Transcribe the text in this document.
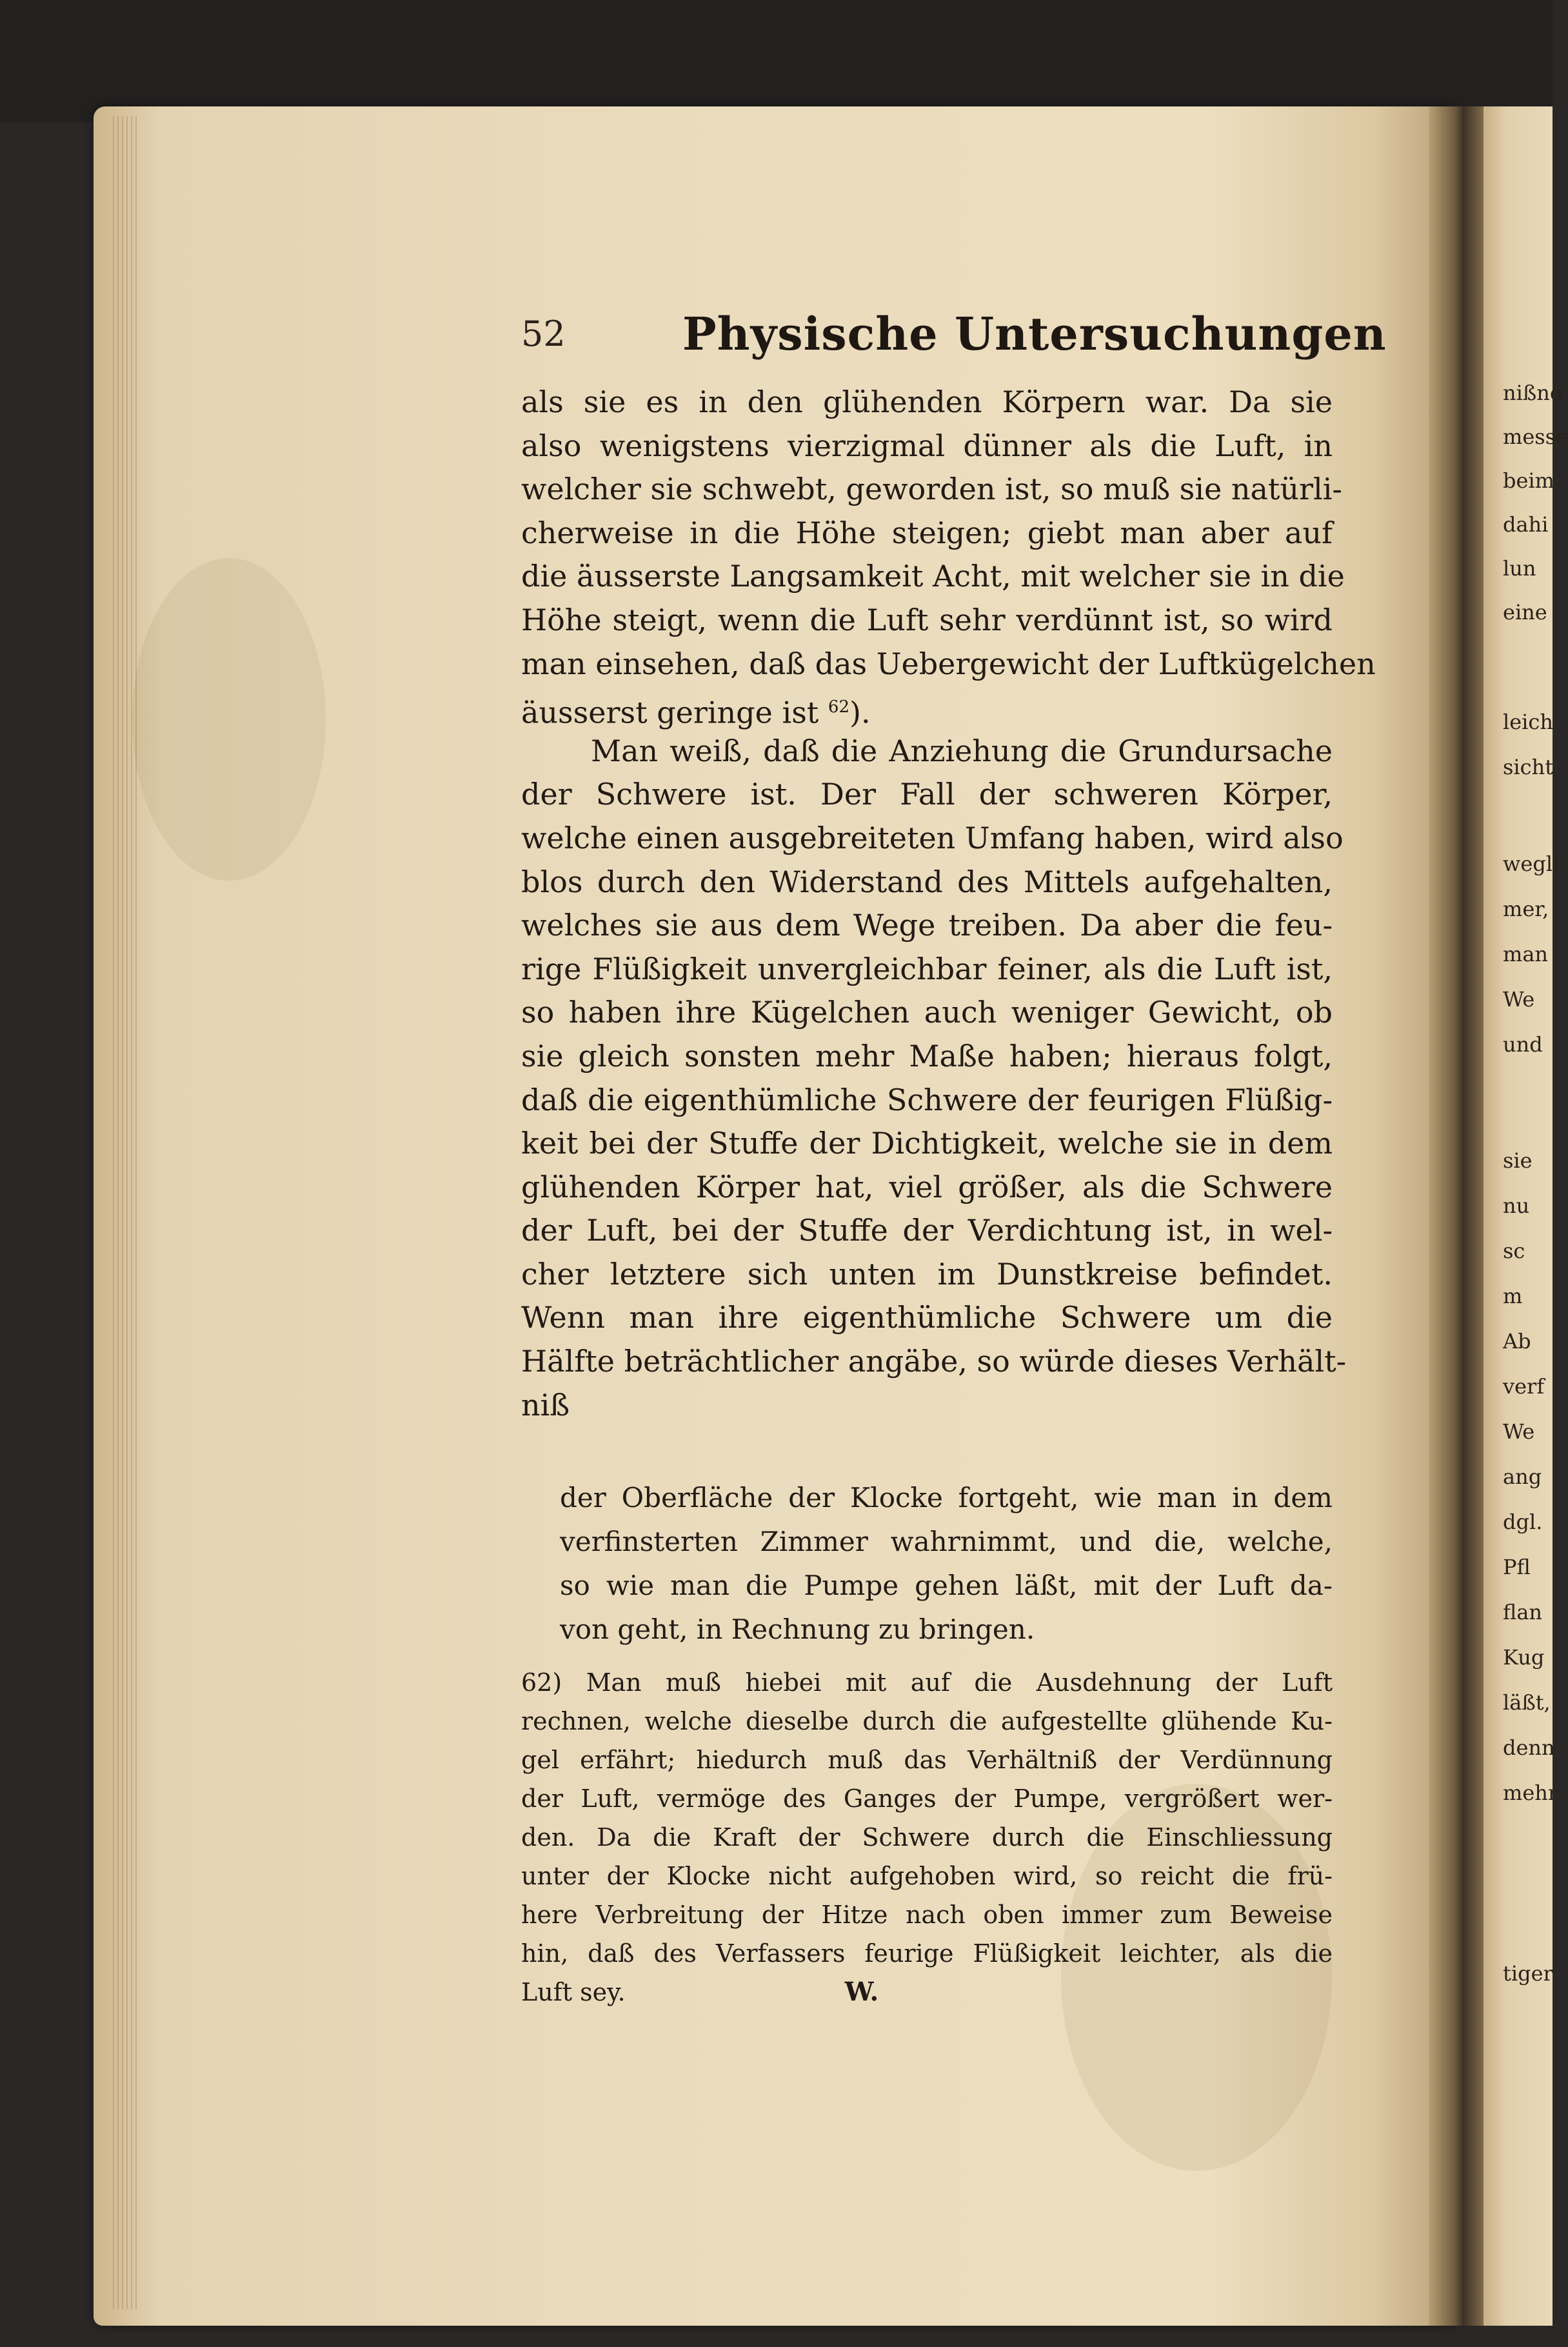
52	Physische Untersuchungen
als sie es in den glühenden Körpern war. Da sie
also wenigstens vierzigmal dünner als die Luft, in
welcher sie schwebt, geworden ist, so muß sie natürli-
cherweise in die Höhe steigen; giebt man aber auf
die äusserste Langsamkeit Acht, mit welcher sie in die
Höhe steigt, wenn die Luft sehr verdünnt ist, so wird
man einsehen, daß das Uebergewicht der Luftkügelchen
äusserst geringe ist $^{62}$).
Man weiß, daß die Anziehung die Grundursache
der Schwere ist. Der Fall der schweren Körper,
welche einen ausgebreiteten Umfang haben, wird also
blos durch den Widerstand des Mittels aufgehalten,
welches sie aus dem Wege treiben. Da aber die feu-
rige Flüßigkeit unvergleichbar feiner, als die Luft ist,
so haben ihre Kügelchen auch weniger Gewicht, ob
sie gleich sonsten mehr Maße haben; hieraus folgt,
daß die eigenthümliche Schwere der feurigen Flüßig-
keit bei der Stuffe der Dichtigkeit, welche sie in dem
glühenden Körper hat, viel größer, als die Schwere
der Luft, bei der Stuffe der Verdichtung ist, in wel-
cher letztere sich unten im Dunstkreise befindet.
Wenn man ihre eigenthümliche Schwere um die
Hälfte beträchtlicher angäbe, so würde dieses Verhält-
niß
der Oberfläche der Klocke fortgeht, wie man in dem
verfinsterten Zimmer wahrnimmt, und die, welche,
so wie man die Pumpe gehen läßt, mit der Luft da-
von geht, in Rechnung zu bringen.
62) Man muß hiebei mit auf die Ausdehnung der Luft
rechnen, welche dieselbe durch die aufgestellte glühende Ku-
gel erfährt; hiedurch muß das Verhältniß der Verdünnung
der Luft, vermöge des Ganges der Pumpe, vergrößert wer-
den. Da die Kraft der Schwere durch die Einschliessung
unter der Klocke nicht aufgehoben wird, so reicht die frü-
here Verbreitung der Hitze nach oben immer zum Beweise
hin, daß des Verfassers feurige Flüßigkeit leichter, als die
Luft sey.	W.
nißno
messe
beim
dahi
lun
eine
leich
sicht
wegli
mer,
man
We
und
sie
nu
sc
m
Ab
verf
We
ang
dgl.
Pfl
flan
Kug
läßt,
denn
mehr
tiger
